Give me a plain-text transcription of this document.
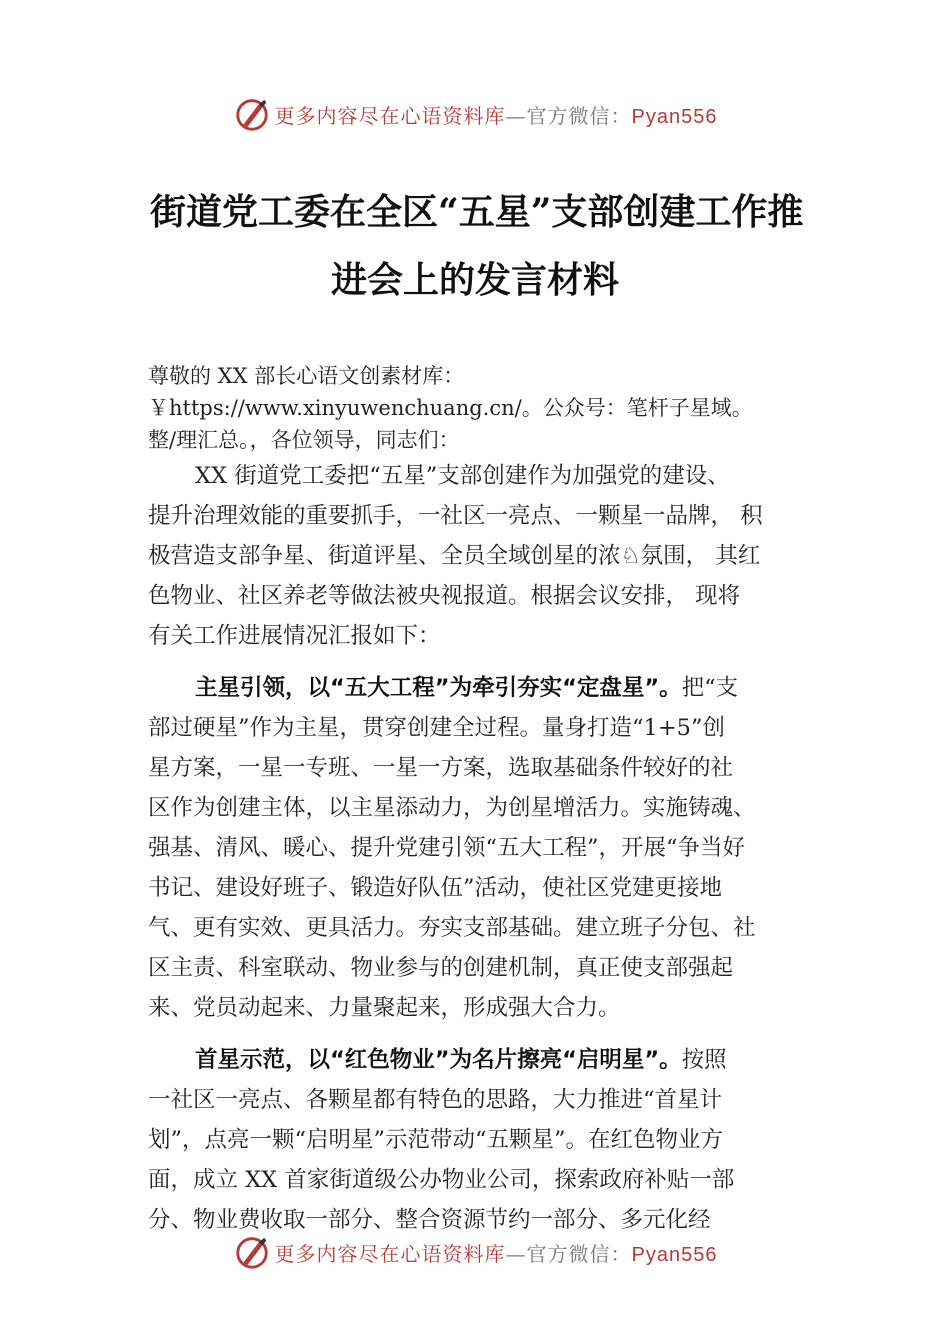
更多内容尽在心语资料库—官方微信：Pyan556
街道党工委在全区“五星”支部创建工作推
进会上的发言材料
尊敬的 XX 部长心语文创素材库：
￥https://www.xinyuwenchuang.cn/。公众号：笔杆子星域。
整/理汇总。，各位领导，同志们：
XX 街道党工委把“五星”支部创建作为加强党的建设、
提升治理效能的重要抓手，一社区一亮点、一颗星一品牌， 积
极营造支部争星、街道评星、全员全域创星的浓♘氛围， 其红
色物业、社区养老等做法被央视报道。根据会议安排， 现将
有关工作进展情况汇报如下：
主星引领，以“五大工程”为牵引夯实“定盘星”。把“支
部过硬星”作为主星，贯穿创建全过程。量身打造“1+5”创
星方案，一星一专班、一星一方案，选取基础条件较好的社
区作为创建主体，以主星添动力，为创星增活力。实施铸魂、
强基、清风、暖心、提升党建引领“五大工程”，开展“争当好
书记、建设好班子、锻造好队伍”活动，使社区党建更接地
气、更有实效、更具活力。夯实支部基础。建立班子分包、社
区主责、科室联动、物业参与的创建机制，真正使支部强起
来、党员动起来、力量聚起来，形成强大合力。
首星示范，以“红色物业”为名片擦亮“启明星”。按照
一社区一亮点、各颗星都有特色的思路，大力推进“首星计
划”，点亮一颗“启明星”示范带动“五颗星”。在红色物业方
面，成立 XX 首家街道级公办物业公司，探索政府补贴一部
分、物业费收取一部分、整合资源节约一部分、多元化经
更多内容尽在心语资料库—官方微信：Pyan556
